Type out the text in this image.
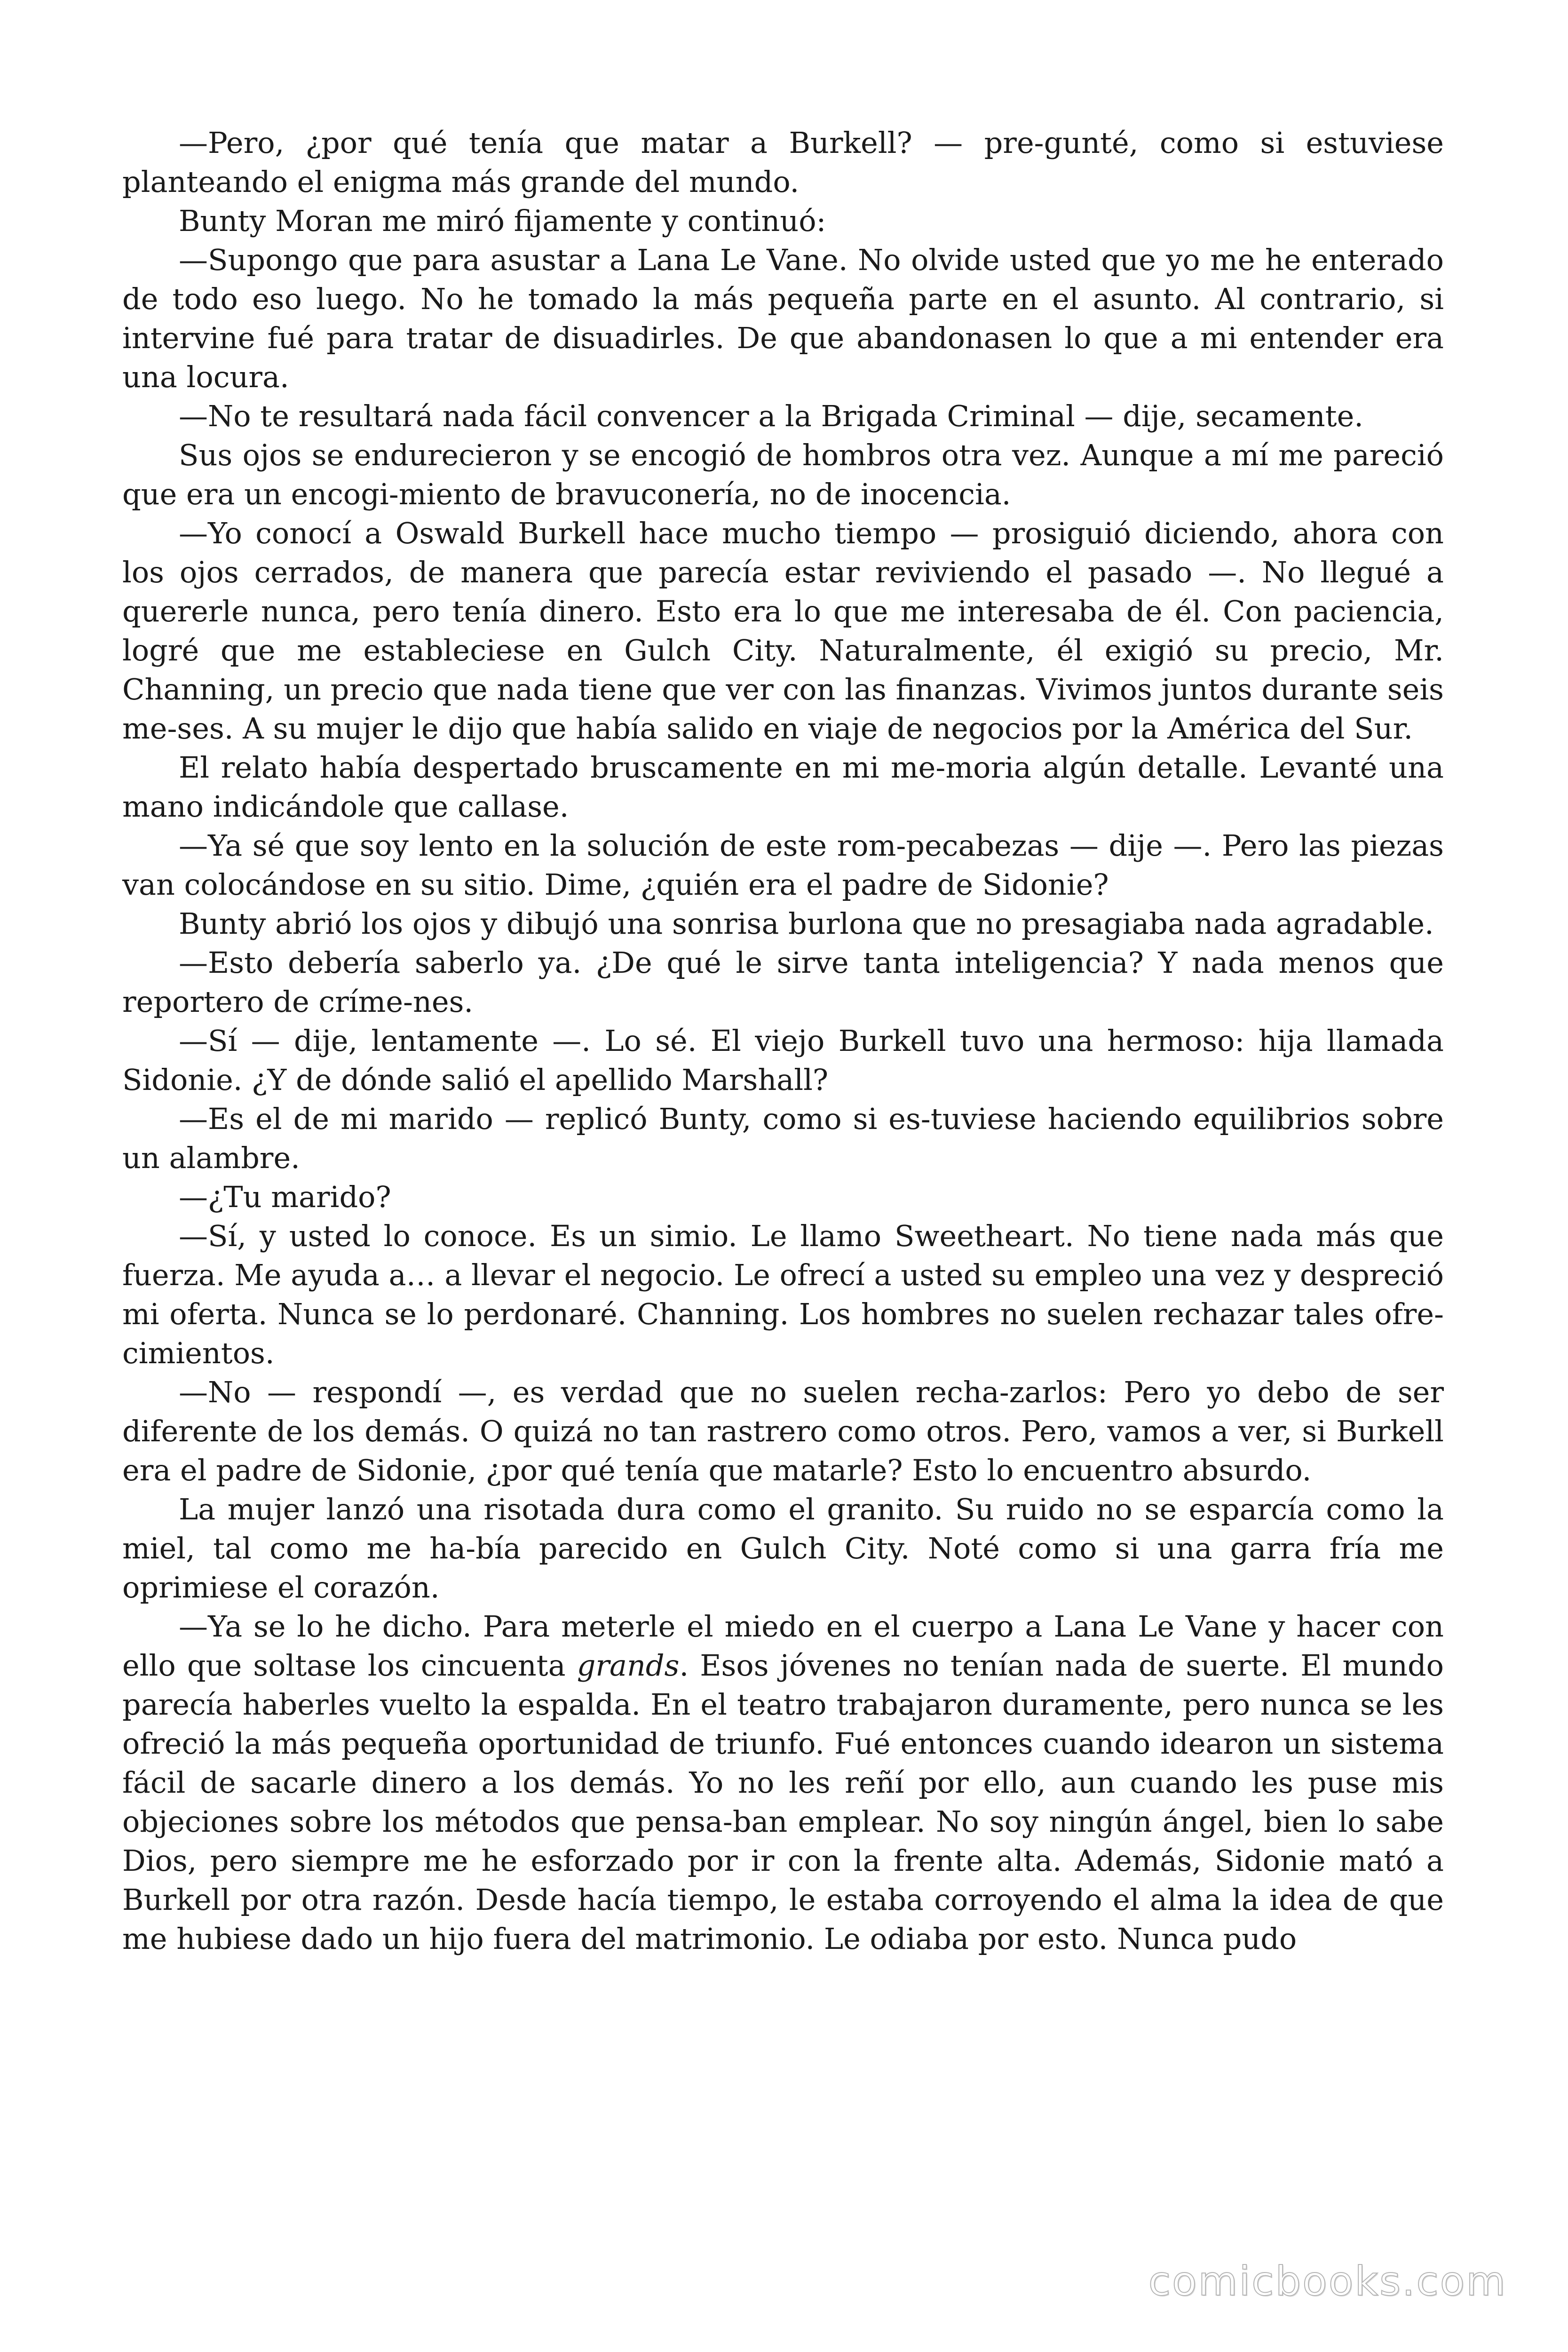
—Pero, ¿por qué tenía que matar a Burkell? — pre-gunté, como si estuviese planteando el enigma más grande del mundo.

Bunty Moran me miró fijamente y continuó:

—Supongo que para asustar a Lana Le Vane. No olvide usted que yo me he enterado de todo eso luego. No he tomado la más pequeña parte en el asunto. Al contrario, si intervine fué para tratar de disuadirles. De que abandonasen lo que a mi entender era una locura.

—No te resultará nada fácil convencer a la Brigada Criminal — dije, secamente.

Sus ojos se endurecieron y se encogió de hombros otra vez. Aunque a mí me pareció que era un encogi-miento de bravuconería, no de inocencia.

—Yo conocí a Oswald Burkell hace mucho tiempo — prosiguió diciendo, ahora con los ojos cerrados, de manera que parecía estar reviviendo el pasado —. No llegué a quererle nunca, pero tenía dinero. Esto era lo que me interesaba de él. Con paciencia, logré que me estableciese en Gulch City. Naturalmente, él exigió su precio, Mr. Channing, un precio que nada tiene que ver con las finanzas. Vivimos juntos durante seis me-ses. A su mujer le dijo que había salido en viaje de negocios por la América del Sur.

El relato había despertado bruscamente en mi me-moria algún detalle. Levanté una mano indicándole que callase.

—Ya sé que soy lento en la solución de este rom-pecabezas — dije —. Pero las piezas van colocándose en su sitio. Dime, ¿quién era el padre de Sidonie?

Bunty abrió los ojos y dibujó una sonrisa burlona que no presagiaba nada agradable.

—Esto debería saberlo ya. ¿De qué le sirve tanta inteligencia? Y nada menos que reportero de críme-nes.

—Sí — dije, lentamente —. Lo sé. El viejo Burkell tuvo una hermoso: hija llamada Sidonie. ¿Y de dónde salió el apellido Marshall?

—Es el de mi marido — replicó Bunty, como si es-tuviese haciendo equilibrios sobre un alambre.

—¿Tu marido?

—Sí, y usted lo conoce. Es un simio. Le llamo Sweetheart. No tiene nada más que fuerza. Me ayuda a… a llevar el negocio. Le ofrecí a usted su empleo una vez y despreció mi oferta. Nunca se lo perdonaré. Channing. Los hombres no suelen rechazar tales ofre-cimientos.

—No — respondí —, es verdad que no suelen recha-zarlos: Pero yo debo de ser diferente de los demás. O quizá no tan rastrero como otros. Pero, vamos a ver, si Burkell era el padre de Sidonie, ¿por qué tenía que matarle? Esto lo encuentro absurdo.

La mujer lanzó una risotada dura como el granito. Su ruido no se esparcía como la miel, tal como me ha-bía parecido en Gulch City. Noté como si una garra fría me oprimiese el corazón.

—Ya se lo he dicho. Para meterle el miedo en el cuerpo a Lana Le Vane y hacer con ello que soltase los cincuenta grands. Esos jóvenes no tenían nada de suerte. El mundo parecía haberles vuelto la espalda. En el teatro trabajaron duramente, pero nunca se les ofreció la más pequeña oportunidad de triunfo. Fué entonces cuando idearon un sistema fácil de sacarle dinero a los demás. Yo no les reñí por ello, aun cuando les puse mis objeciones sobre los métodos que pensa-ban emplear. No soy ningún ángel, bien lo sabe Dios, pero siempre me he esforzado por ir con la frente alta. Además, Sidonie mató a Burkell por otra razón. Desde hacía tiempo, le estaba corroyendo el alma la idea de que me hubiese dado un hijo fuera del matrimonio. Le odiaba por esto. Nunca pudo

comicbooks.com
